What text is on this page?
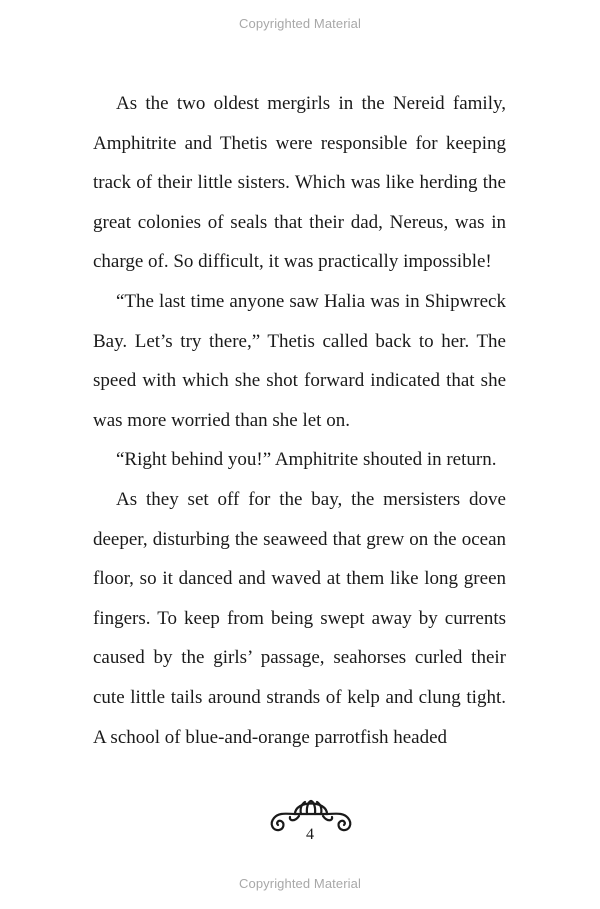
Copyrighted Material

As the two oldest mergirls in the Nereid family, Amphitrite and Thetis were responsible for keeping track of their little sisters. Which was like herding the great colonies of seals that their dad, Nereus, was in charge of. So difficult, it was practically impossible!

“The last time anyone saw Halia was in Shipwreck Bay. Let’s try there,” Thetis called back to her. The speed with which she shot forward indicated that she was more worried than she let on.

“Right behind you!” Amphitrite shouted in return.

As they set off for the bay, the mersisters dove deeper, disturbing the seaweed that grew on the ocean floor, so it danced and waved at them like long green fingers. To keep from being swept away by currents caused by the girls’ passage, seahorses curled their cute little tails around strands of kelp and clung tight. A school of blue-and-orange parrotfish headed

4
Copyrighted Material
